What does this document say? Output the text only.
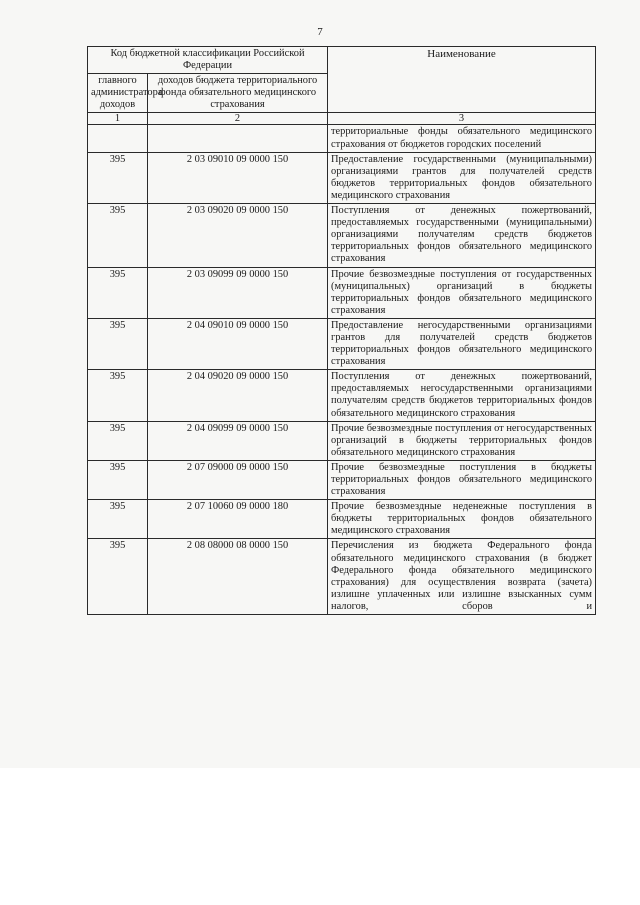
7
Код бюджетной классификации Российской Федерации		Наименование
главного администратора доходов	доходов бюджета территориального фонда обязательного медицинского страхования	
1	2	3
		территориальные фонды обязательного медицинского страхования от бюджетов городских поселений
395	2 03 09010 09 0000 150	Предоставление государственными (муниципальными) организациями грантов для получателей средств бюджетов территориальных фондов обязательного медицинского страхования
395	2 03 09020 09 0000 150	Поступления от денежных пожертвований, предоставляемых государственными (муниципальными) организациями получателям средств бюджетов территориальных фондов обязательного медицинского страхования
395	2 03 09099 09 0000 150	Прочие безвозмездные поступления от государственных (муниципальных) организаций в бюджеты территориальных фондов обязательного медицинского страхования
395	2 04 09010 09 0000 150	Предоставление негосударственными организациями грантов для получателей средств бюджетов территориальных фондов обязательного медицинского страхования
395	2 04 09020 09 0000 150	Поступления от денежных пожертвований, предоставляемых негосударственными организациями получателям средств бюджетов территориальных фондов обязательного медицинского страхования
395	2 04 09099 09 0000 150	Прочие безвозмездные поступления от негосударственных организаций в бюджеты территориальных фондов обязательного медицинского страхования
395	2 07 09000 09 0000 150	Прочие безвозмездные поступления в бюджеты территориальных фондов обязательного медицинского страхования
395	2 07 10060 09 0000 180	Прочие безвозмездные неденежные поступления в бюджеты территориальных фондов обязательного медицинского страхования
395	2 08 08000 08 0000 150	Перечисления из бюджета Федерального фонда обязательного медицинского страхования (в бюджет Федерального фонда обязательного медицинского страхования) для осуществления возврата (зачета) излишне уплаченных или излишне взысканных сумм налогов, сборов и
